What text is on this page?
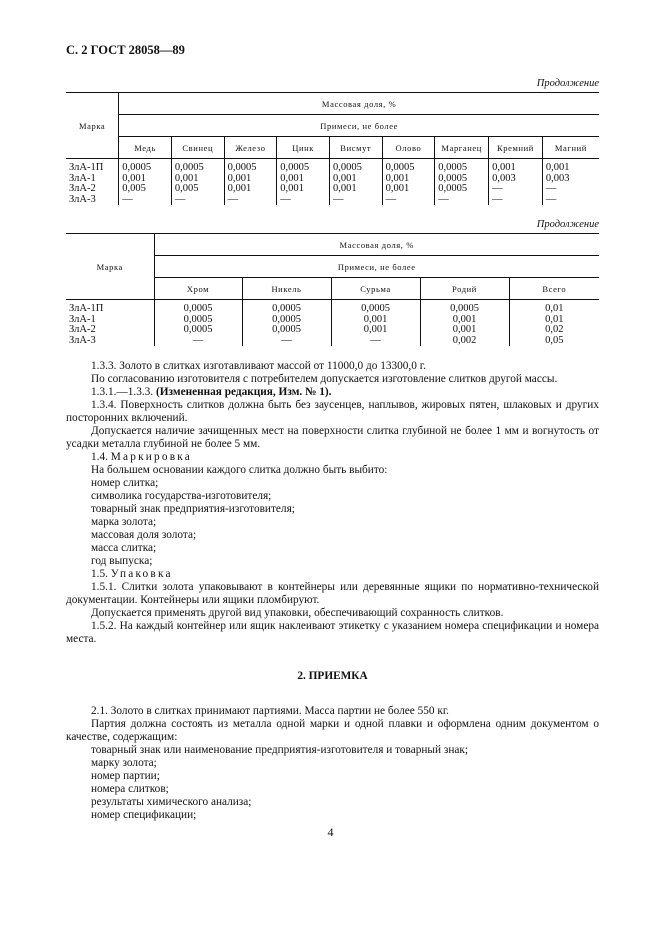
С. 2 ГОСТ 28058—89
Продолжение
Марка	Массовая доля, %								
	Примеси, не более								
	Медь	Свинец	Железо	Цинк	Висмут	Олово	Марганец	Кремний	Магний
ЗлА-1П	0,0005	0,0005	0,0005	0,0005	0,0005	0,0005	0,0005	0,001	0,001
ЗлА-1	0,001	0,001	0,001	0,001	0,001	0,001	0,0005	0,003	0,003
ЗлА-2	0,005	0,005	0,001	0,001	0,001	0,001	0,0005	—	—
ЗлА-3	—	—	—	—	—	—	—	—	—
Продолжение
Марка	Массовая доля, %				
	Примеси, не более				
	Хром	Никель	Сурьма	Родий	Всего
ЗлА-1П	0,0005	0,0005	0,0005	0,0005	0,01
ЗлА-1	0,0005	0,0005	0,001	0,001	0,01
ЗлА-2	0,0005	0,0005	0,001	0,001	0,02
ЗлА-3	—	—	—	0,002	0,05

1.3.3. Золото в слитках изготавливают массой от 11000,0 до 13300,0 г.

По согласованию изготовителя с потребителем допускается изготовление слитков другой массы.

1.3.1.—1.3.3. (Измененная редакция, Изм. № 1).

1.3.4. Поверхность слитков должна быть без заусенцев, наплывов, жировых пятен, шлаковых и других посторонних включений.

Допускается наличие зачищенных мест на поверхности слитка глубиной не более 1 мм и вогнутость от усадки металла глубиной не более 5 мм.

1.4. Маркировка

На большем основании каждого слитка должно быть выбито:

номер слитка;

символика государства-изготовителя;

товарный знак предприятия-изготовителя;

марка золота;

массовая доля золота;

масса слитка;

год выпуска;

1.5. Упаковка

1.5.1. Слитки золота упаковывают в контейнеры или деревянные ящики по нормативно-технической документации. Контейнеры или ящики пломбируют.

Допускается применять другой вид упаковки, обеспечивающий сохранность слитков.

1.5.2. На каждый контейнер или ящик наклеивают этикетку с указанием номера спецификации и номера места.

2. ПРИЕМКА

2.1. Золото в слитках принимают партиями. Масса партии не более 550 кг.

Партия должна состоять из металла одной марки и одной плавки и оформлена одним документом о качестве, содержащим:

товарный знак или наименование предприятия-изготовителя и товарный знак;

марку золота;

номер партии;

номера слитков;

результаты химического анализа;

номер спецификации;

4
